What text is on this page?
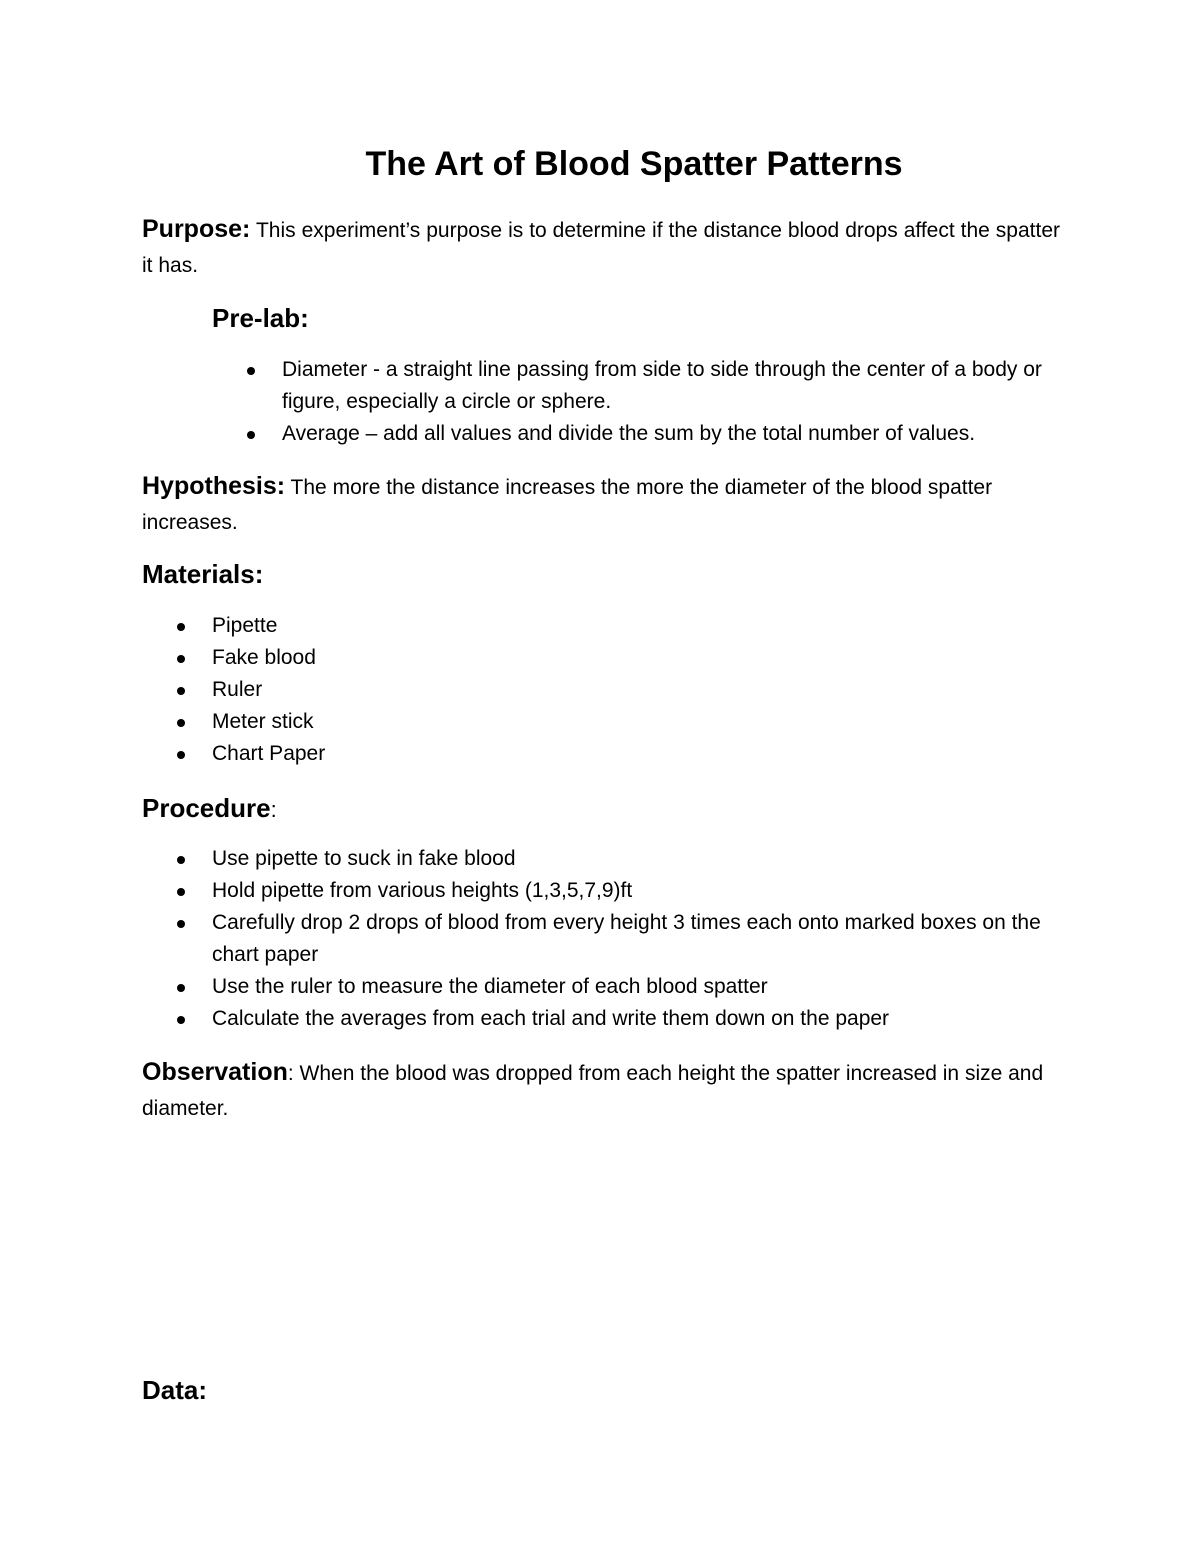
The Art of Blood Spatter Patterns

Purpose: This experiment’s purpose is to determine if the distance blood drops affect the spatter it has.

Pre-lab:
Diameter - a straight line passing from side to side through the center of a body or figure, especially a circle or sphere.
Average – add all values and divide the sum by the total number of values.

Hypothesis: The more the distance increases the more the diameter of the blood spatter increases.

Materials:
Pipette
Fake blood
Ruler
Meter stick
Chart Paper
Procedure:
Use pipette to suck in fake blood
Hold pipette from various heights (1,3,5,7,9)ft
Carefully drop 2 drops of blood from every height 3 times each onto marked boxes on the chart paper
Use the ruler to measure the diameter of each blood spatter
Calculate the averages from each trial and write them down on the paper

Observation: When the blood was dropped from each height the spatter increased in size and diameter.

Data:
